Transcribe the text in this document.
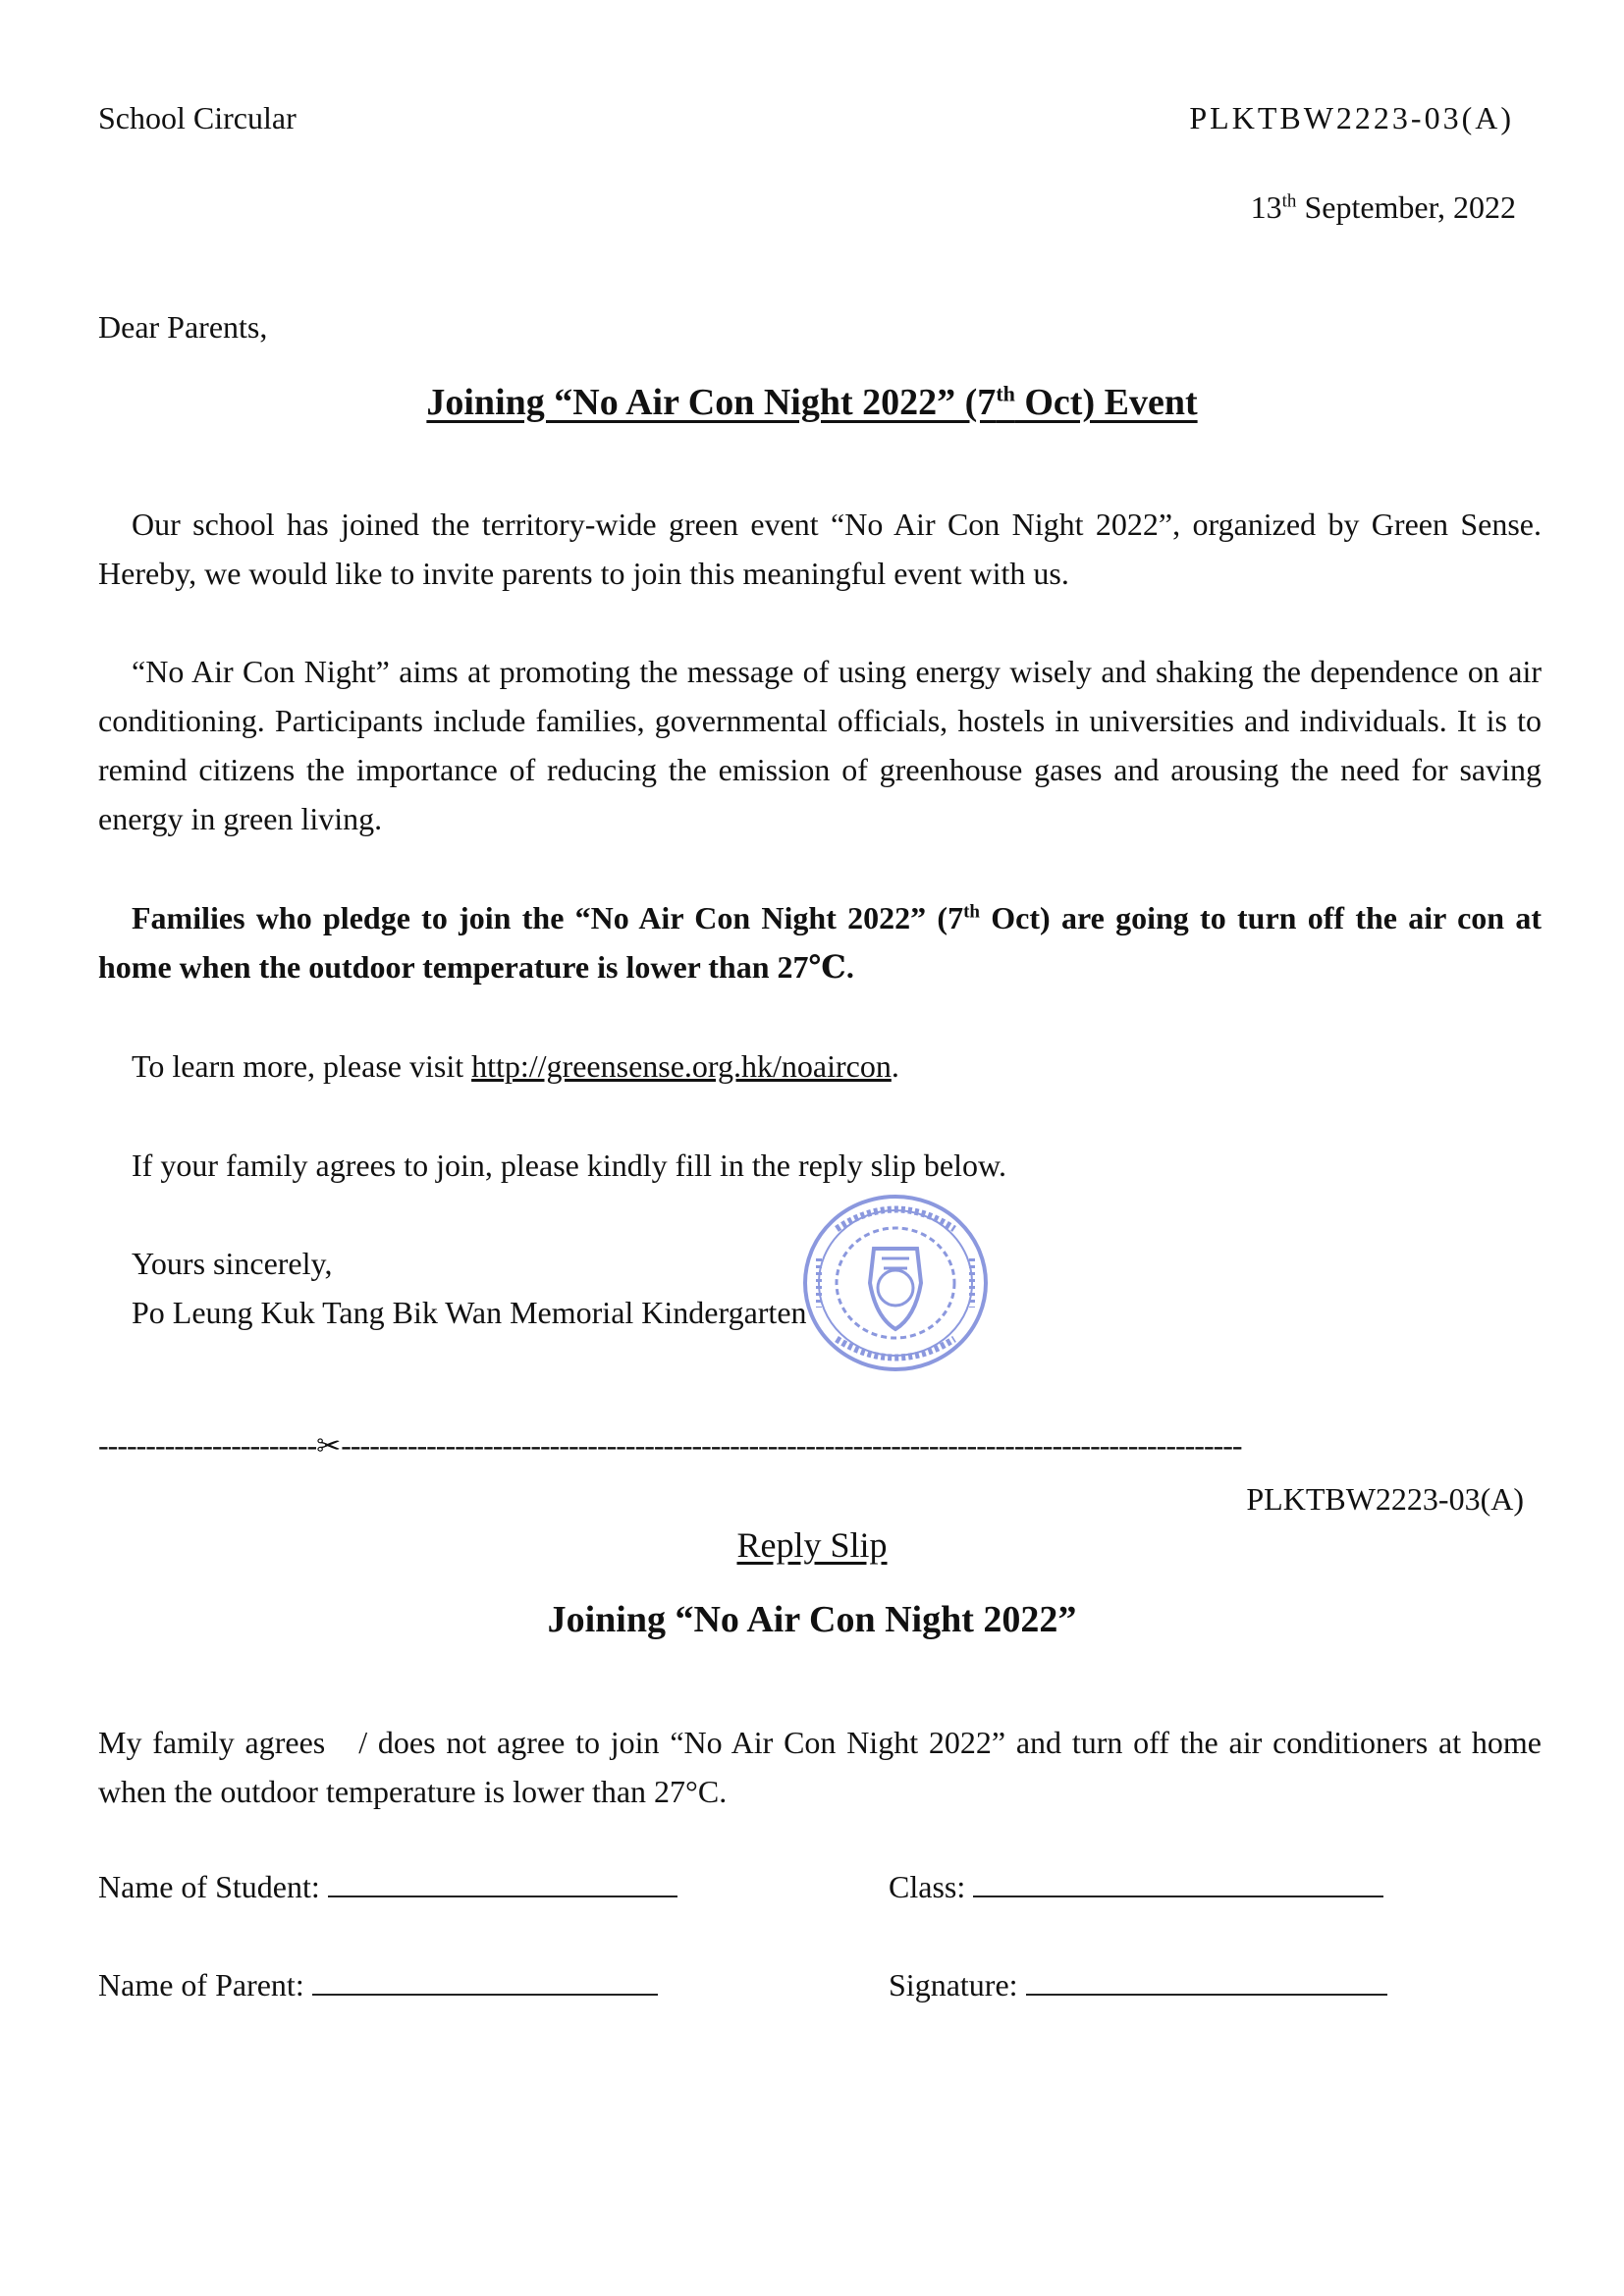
School Circular	PLKTBW2223-03(A)
13th September, 2022
Dear Parents,
Joining “No Air Con Night 2022” (7th Oct) Event
Our school has joined the territory-wide green event “No Air Con Night 2022”, organized by Green Sense. Hereby, we would like to invite parents to join this meaningful event with us.
“No Air Con Night” aims at promoting the message of using energy wisely and shaking the dependence on air conditioning. Participants include families, governmental officials, hostels in universities and individuals. It is to remind citizens the importance of reducing the emission of greenhouse gases and arousing the need for saving energy in green living.
Families who pledge to join the “No Air Con Night 2022” (7th Oct) are going to turn off the air con at home when the outdoor temperature is lower than 27℃.
To learn more, please visit http://greensense.org.hk/noaircon.
If your family agrees to join, please kindly fill in the reply slip below.
Yours sincerely,
Po Leung Kuk Tang Bik Wan Memorial Kindergarten
-----------------------✂-----------------------------------------------------------------------------------------------
PLKTBW2223-03(A)
Reply Slip
Joining “No Air Con Night 2022”
My family agrees / does not agree to join “No Air Con Night 2022” and turn off the air conditioners at home when the outdoor temperature is lower than 27°C.
Name of Student:	Class:
Name of Parent:	Signature:
